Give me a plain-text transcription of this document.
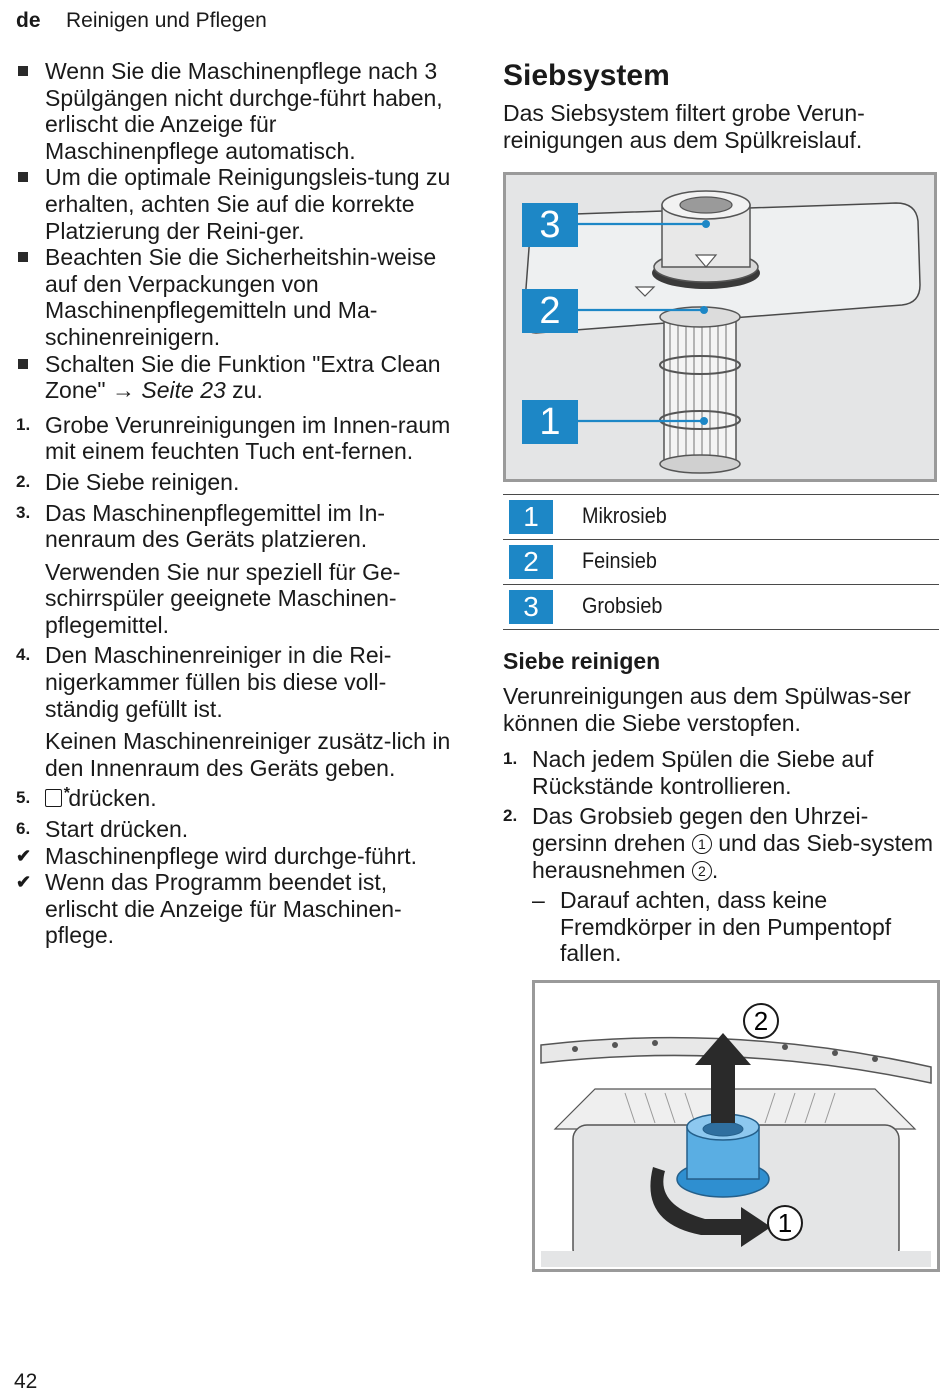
de Reinigen und Pflegen
Wenn Sie die Maschinenpflege nach 3 Spülgängen nicht durchge-führt haben, erlischt die Anzeige für Maschinenpflege automatisch.
Um die optimale Reinigungsleis-tung zu erhalten, achten Sie auf die korrekte Platzierung der Reini-ger.
Beachten Sie die Sicherheitshin-weise auf den Verpackungen von Maschinenpflegemitteln und Ma-schinenreinigern.
Schalten Sie die Funktion "Extra Clean Zone" → Seite 23 zu.
1. Grobe Verunreinigungen im Innen-raum mit einem feuchten Tuch ent-fernen.
2. Die Siebe reinigen.
3. Das Maschinenpflegemittel im In-nenraum des Geräts platzieren.
Verwenden Sie nur speziell für Ge-schirrspüler geeignete Maschinen-pflegemittel.
4. Den Maschinenreiniger in die Rei-nigerkammer füllen bis diese voll-ständig gefüllt ist.
Keinen Maschinenreiniger zusätz-lich in den Innenraum des Geräts geben.
5.
*	drücken.
6. Start drücken.
✔ Maschinenpflege wird durchge-führt.
✔ Wenn das Programm beendet ist, erlischt die Anzeige für Maschinen-pflege.
Siebsystem
Das Siebsystem filtert grobe Verun-reinigungen aus dem Spülkreislauf.
3
2
1
1	Mikrosieb
2	Feinsieb
3	Grobsieb
Siebe reinigen
Verunreinigungen aus dem Spülwas-ser können die Siebe verstopfen.
1. Nach jedem Spülen die Siebe auf Rückstände kontrollieren.
2. Das Grobsieb gegen den Uhrzei-gersinn drehen 1 und das Sieb-system herausnehmen 2 .
– Darauf achten, dass keine Fremdkörper in den Pumpentopf fallen.
2
1
42
